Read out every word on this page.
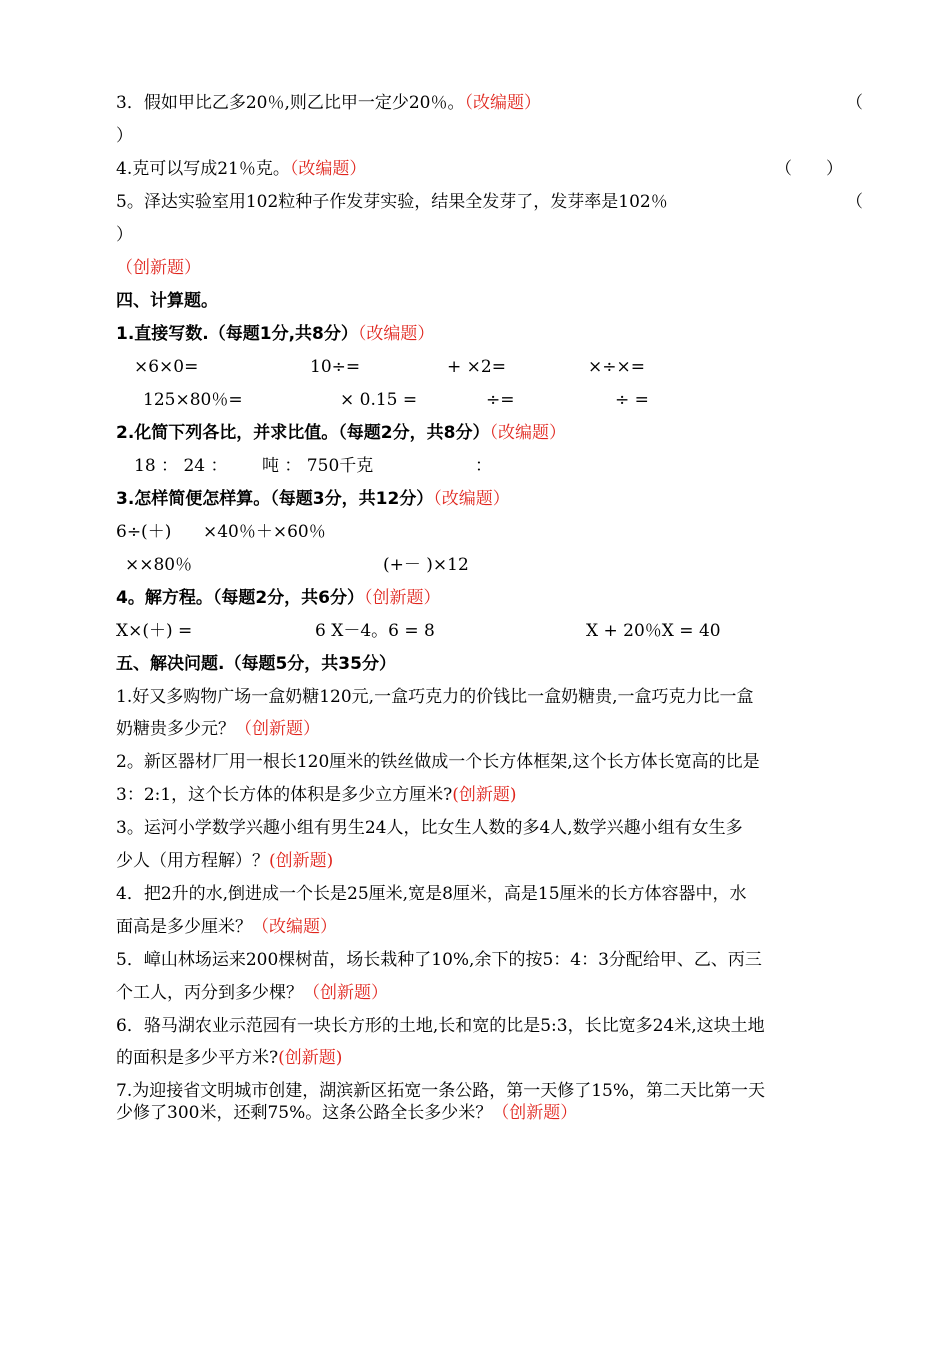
3．假如甲比乙多20％,则乙比甲一定少20％。（改编题）	（
）
4.克可以写成21％克。（改编题）	（　　）
5。泽达实验室用102粒种子作发芽实验，结果全发芽了，发芽率是102％	（
）
（创新题）
四、计算题。
1.直接写数.（每题1分,共8分）（改编题）
×6×0=	10÷=	+ ×2=	×÷×=
125×80％=	× 0.15 =	÷=	÷ =
2.化简下列各比，并求比值。（每题2分，共8分）（改编题）
18 ： 24 ： 吨 ： 750千克	：
3.怎样简便怎样算。（每题3分，共12分）（改编题）
6÷(＋) ×40％＋×60％
××80％	(+－ )×12
4。解方程。（每题2分，共6分）（创新题）
X×(＋) =	6 X－4。6 = 8	X + 20％X = 40
五、解决问题.（每题5分，共35分）
1.好又多购物广场一盒奶糖120元,一盒巧克力的价钱比一盒奶糖贵,一盒巧克力比一盒
奶糖贵多少元？（创新题）
2。新区器材厂用一根长120厘米的铁丝做成一个长方体框架,这个长方体长宽高的比是
3：2:1，这个长方体的体积是多少立方厘米?(创新题)
3。运河小学数学兴趣小组有男生24人，比女生人数的多4人,数学兴趣小组有女生多
少人（用方程解）？(创新题)
4．把2升的水,倒进成一个长是25厘米,宽是8厘米，高是15厘米的长方体容器中，水
面高是多少厘米？（改编题）
5．嶂山林场运来200棵树苗，场长栽种了10%,余下的按5：4：3分配给甲、乙、丙三
个工人，丙分到多少棵？（创新题）
6．骆马湖农业示范园有一块长方形的土地,长和宽的比是5:3，长比宽多24米,这块土地
的面积是多少平方米?(创新题)
7.为迎接省文明城市创建，湖滨新区拓宽一条公路，第一天修了15%，第二天比第一天
少修了300米，还剩75%。这条公路全长多少米？（创新题）
